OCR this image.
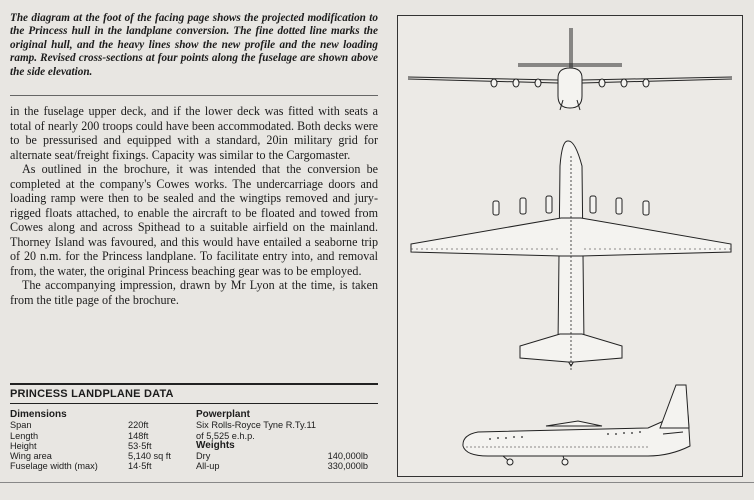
The diagram at the foot of the facing page shows the projected modification to the Princess hull in the landplane conversion. The fine dotted line marks the original hull, and the heavy lines show the new profile and the new loading ramp. Revised cross-sections at four points along the fuselage are shown above the side elevation.

in the fuselage upper deck, and if the lower deck was fitted with seats a total of nearly 200 troops could have been accommodated. Both decks were to be pressurised and equipped with a standard, 20in military grid for alternate seat/freight fixings. Capacity was similar to the Cargomaster.

As outlined in the brochure, it was intended that the conversion be completed at the company's Cowes works. The undercarriage doors and loading ramp were then to be sealed and the wingtips removed and jury-rigged floats attached, to enable the aircraft to be floated and towed from Cowes along and across Spithead to a suitable airfield on the mainland. Thorney Island was favoured, and this would have entailed a seaborne trip of 20 n.m. for the Princess landplane. To facilitate entry into, and removal from, the water, the original Princess beaching gear was to be employed.

The accompanying impression, drawn by Mr Lyon at the time, is taken from the title page of the brochure.

PRINCESS LANDPLANE DATA
Dimensions
Span	220ft
Length	148ft
Height	53·5ft
Wing area	5,140 sq ft
Fuselage width (max)	14·5ft
Powerplant
Six Rolls-Royce Tyne R.Ty.11
of 5,525 e.h.p.
Weights
Dry	140,000lb
All-up	330,000lb
